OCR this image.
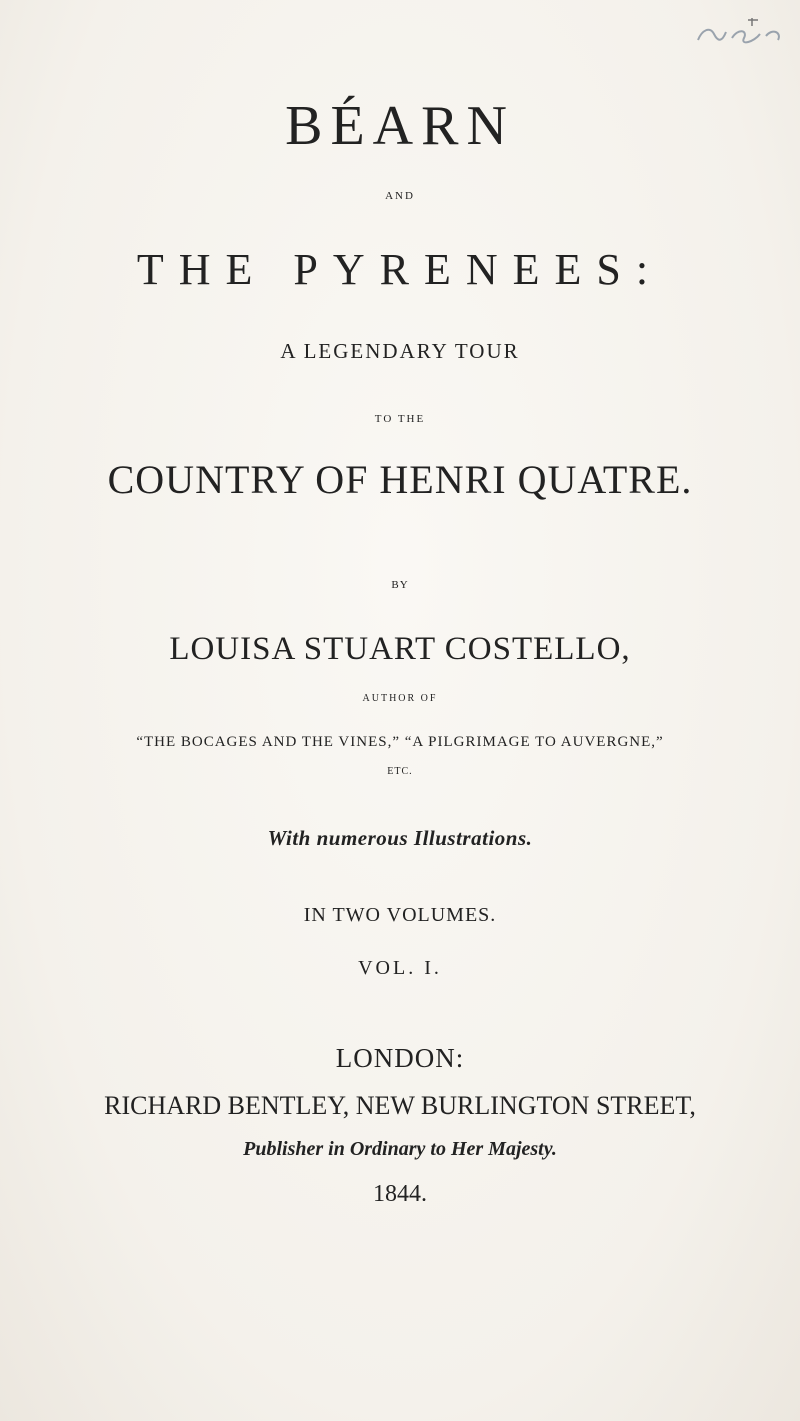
BÉARN
AND
THE PYRENEES:
A LEGENDARY TOUR
TO THE
COUNTRY OF HENRI QUATRE.
BY
LOUISA STUART COSTELLO,
AUTHOR OF
“THE BOCAGES AND THE VINES,” “A PILGRIMAGE TO AUVERGNE,”
ETC.
With numerous Illustrations.
IN TWO VOLUMES.
VOL. I.
LONDON:
RICHARD BENTLEY, NEW BURLINGTON STREET,
Publisher in Ordinary to Her Majesty.
1844.
